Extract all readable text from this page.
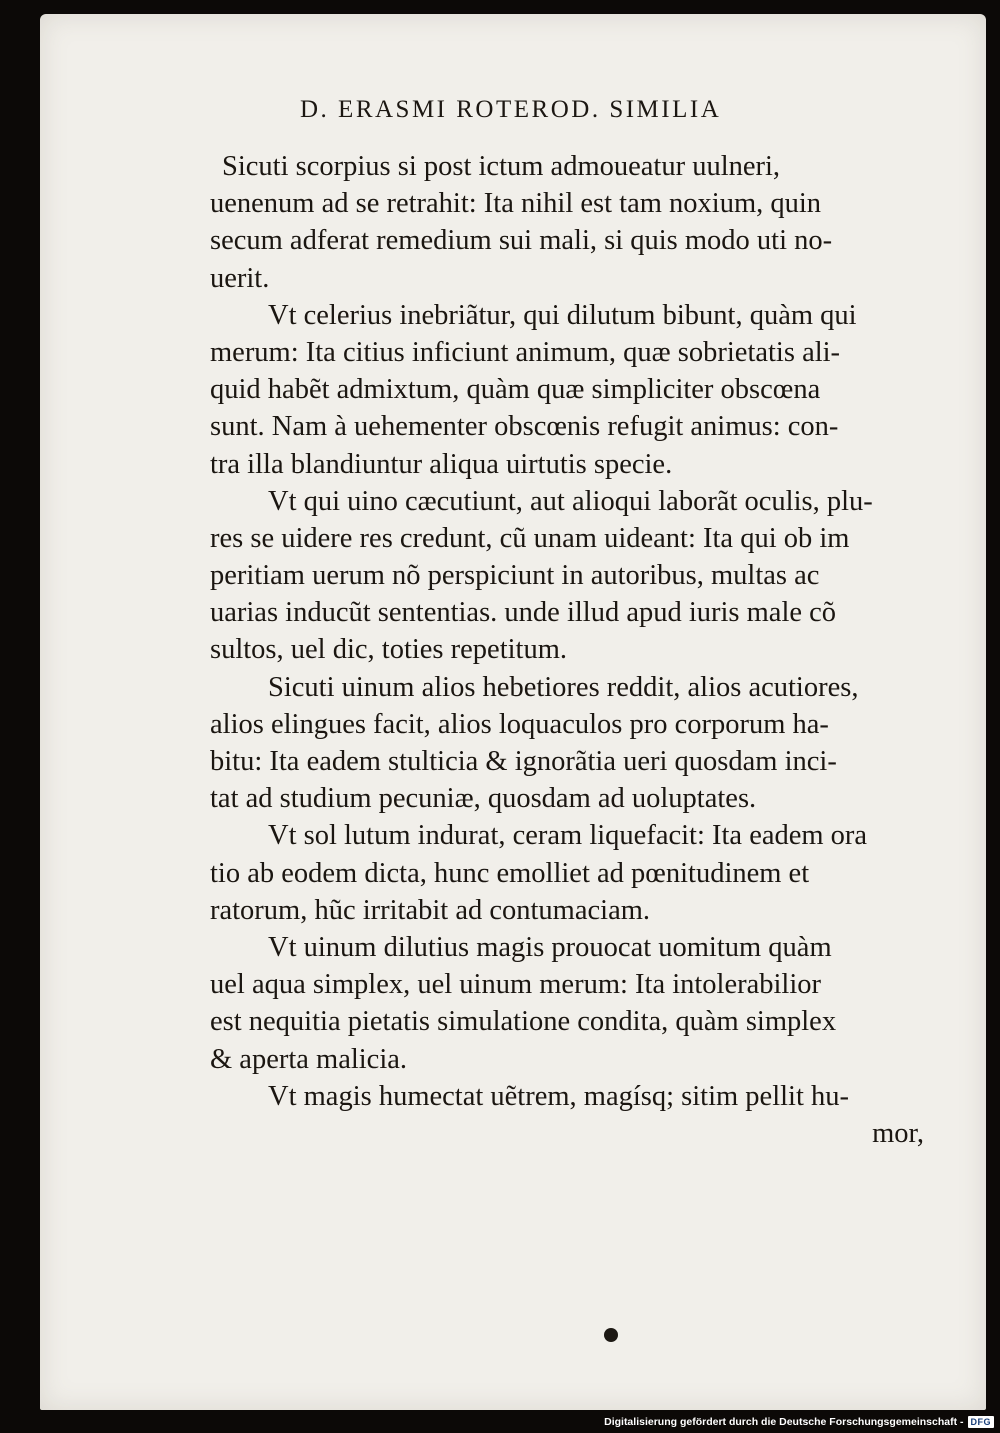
D. ERASMI ROTEROD. SIMILIA
Sicuti scorpius si post ictum admoueatur uulneri,
uenenum ad se retrahit: Ita nihil est tam noxium, quin
secum adferat remedium sui mali, si quis modo uti no-
uerit.
Vt celerius inebriãtur, qui dilutum bibunt, quàm qui
merum: Ita citius inficiunt animum, quæ sobrietatis ali-
quid habẽt admixtum, quàm quæ simpliciter obscœna
sunt. Nam à uehementer obscœnis refugit animus: con-
tra illa blandiuntur aliqua uirtutis specie.
Vt qui uino cæcutiunt, aut alioqui laborãt oculis, plu-
res se uidere res credunt, cũ unam uideant: Ita qui ob im
peritiam uerum nõ perspiciunt in autoribus, multas ac
uarias inducũt sententias. unde illud apud iuris male cõ
sultos, uel dic, toties repetitum.
Sicuti uinum alios hebetiores reddit, alios acutiores,
alios elingues facit, alios loquaculos pro corporum ha-
bitu: Ita eadem stulticia & ignorãtia ueri quosdam inci-
tat ad studium pecuniæ, quosdam ad uoluptates.
Vt sol lutum indurat, ceram liquefacit: Ita eadem ora
tio ab eodem dicta, hunc emolliet ad pœnitudinem et
ratorum, hũc irritabit ad contumaciam.
Vt uinum dilutius magis prouocat uomitum quàm
uel aqua simplex, uel uinum merum: Ita intolerabilior
est nequitia pietatis simulatione condita, quàm simplex
& aperta malicia.
Vt magis humectat uẽtrem, magísq; sitim pellit hu-
mor,
Digitalisierung gefördert durch die Deutsche Forschungsgemeinschaft - DFG
